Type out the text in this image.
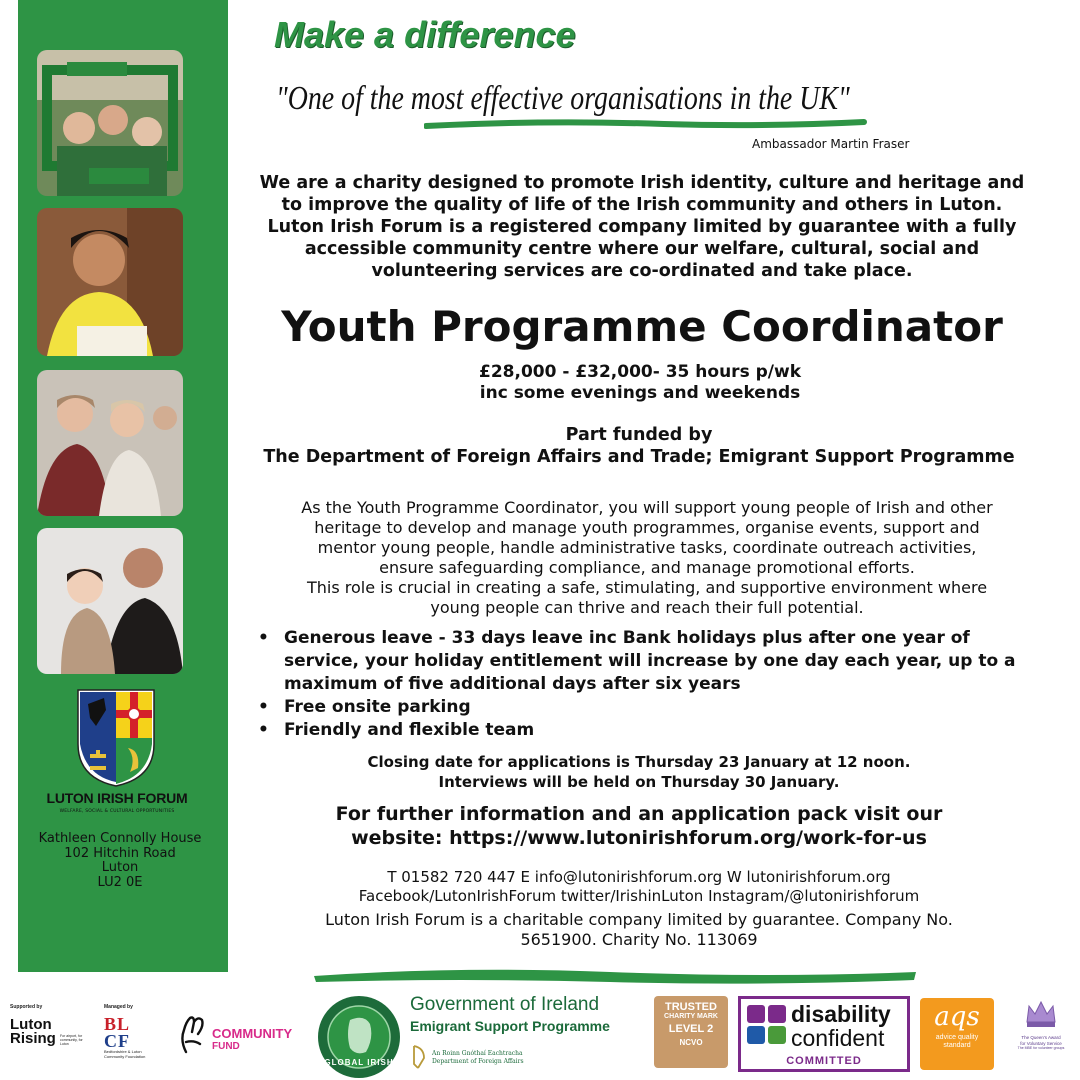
LUTON IRISH FORUM
WELFARE, SOCIAL & CULTURAL OPPORTUNITIES
Kathleen Connolly House
102 Hitchin Road
Luton
LU2 0E
Make a difference
"One of the most effective organisations in the UK"
Ambassador Martin Fraser
We are a charity designed to promote Irish identity, culture and heritage and
to improve the quality of life of the Irish community and others in Luton.
Luton Irish Forum is a registered company limited by guarantee with a fully
accessible community centre where our welfare, cultural, social and
volunteering services are co-ordinated and take place.
Youth Programme Coordinator
£28,000 - £32,000- 35 hours p/wk
inc some evenings and weekends
Part funded by
The Department of Foreign Affairs and Trade; Emigrant Support Programme
As the Youth Programme Coordinator, you will support young people of Irish and other
heritage to develop and manage youth programmes, organise events, support and
mentor young people, handle administrative tasks, coordinate outreach activities,
ensure safeguarding compliance, and manage promotional efforts.
This role is crucial in creating a safe, stimulating, and supportive environment where
young people can thrive and reach their full potential.
• Generous leave - 33 days leave inc Bank holidays plus after one year of
service, your holiday entitlement will increase by one day each year, up to a
maximum of five additional days after six years
• Free onsite parking
• Friendly and flexible team
Closing date for applications is Thursday 23 January at 12 noon.
Interviews will be held on Thursday 30 January.
For further information and an application pack visit our
website: https://www.lutonirishforum.org/work-for-us
T 01582 720 447 E info@lutonirishforum.org W lutonirishforum.org
Facebook/LutonIrishForum twitter/IrishinLuton Instagram/@lutonirishforum
Luton Irish Forum is a charitable company limited by guarantee. Company No.
5651900. Charity No. 113069
Supported by
Luton
Rising	For airport, for community, for Luton
Managed by
BL
CF
Bedfordshire & Luton Community Foundation
COMMUNITY
FUND
GLOBAL IRISH
Government of Ireland
Emigrant Support Programme
An Roinn Gnóthaí Eachtracha
Department of Foreign Affairs
TRUSTED
CHARITY MARK
LEVEL 2
NCVO
disability
confident
COMMITTED
aqs
advice quality standard
The Queen's Award
for Voluntary Service
The MBE for volunteer groups
